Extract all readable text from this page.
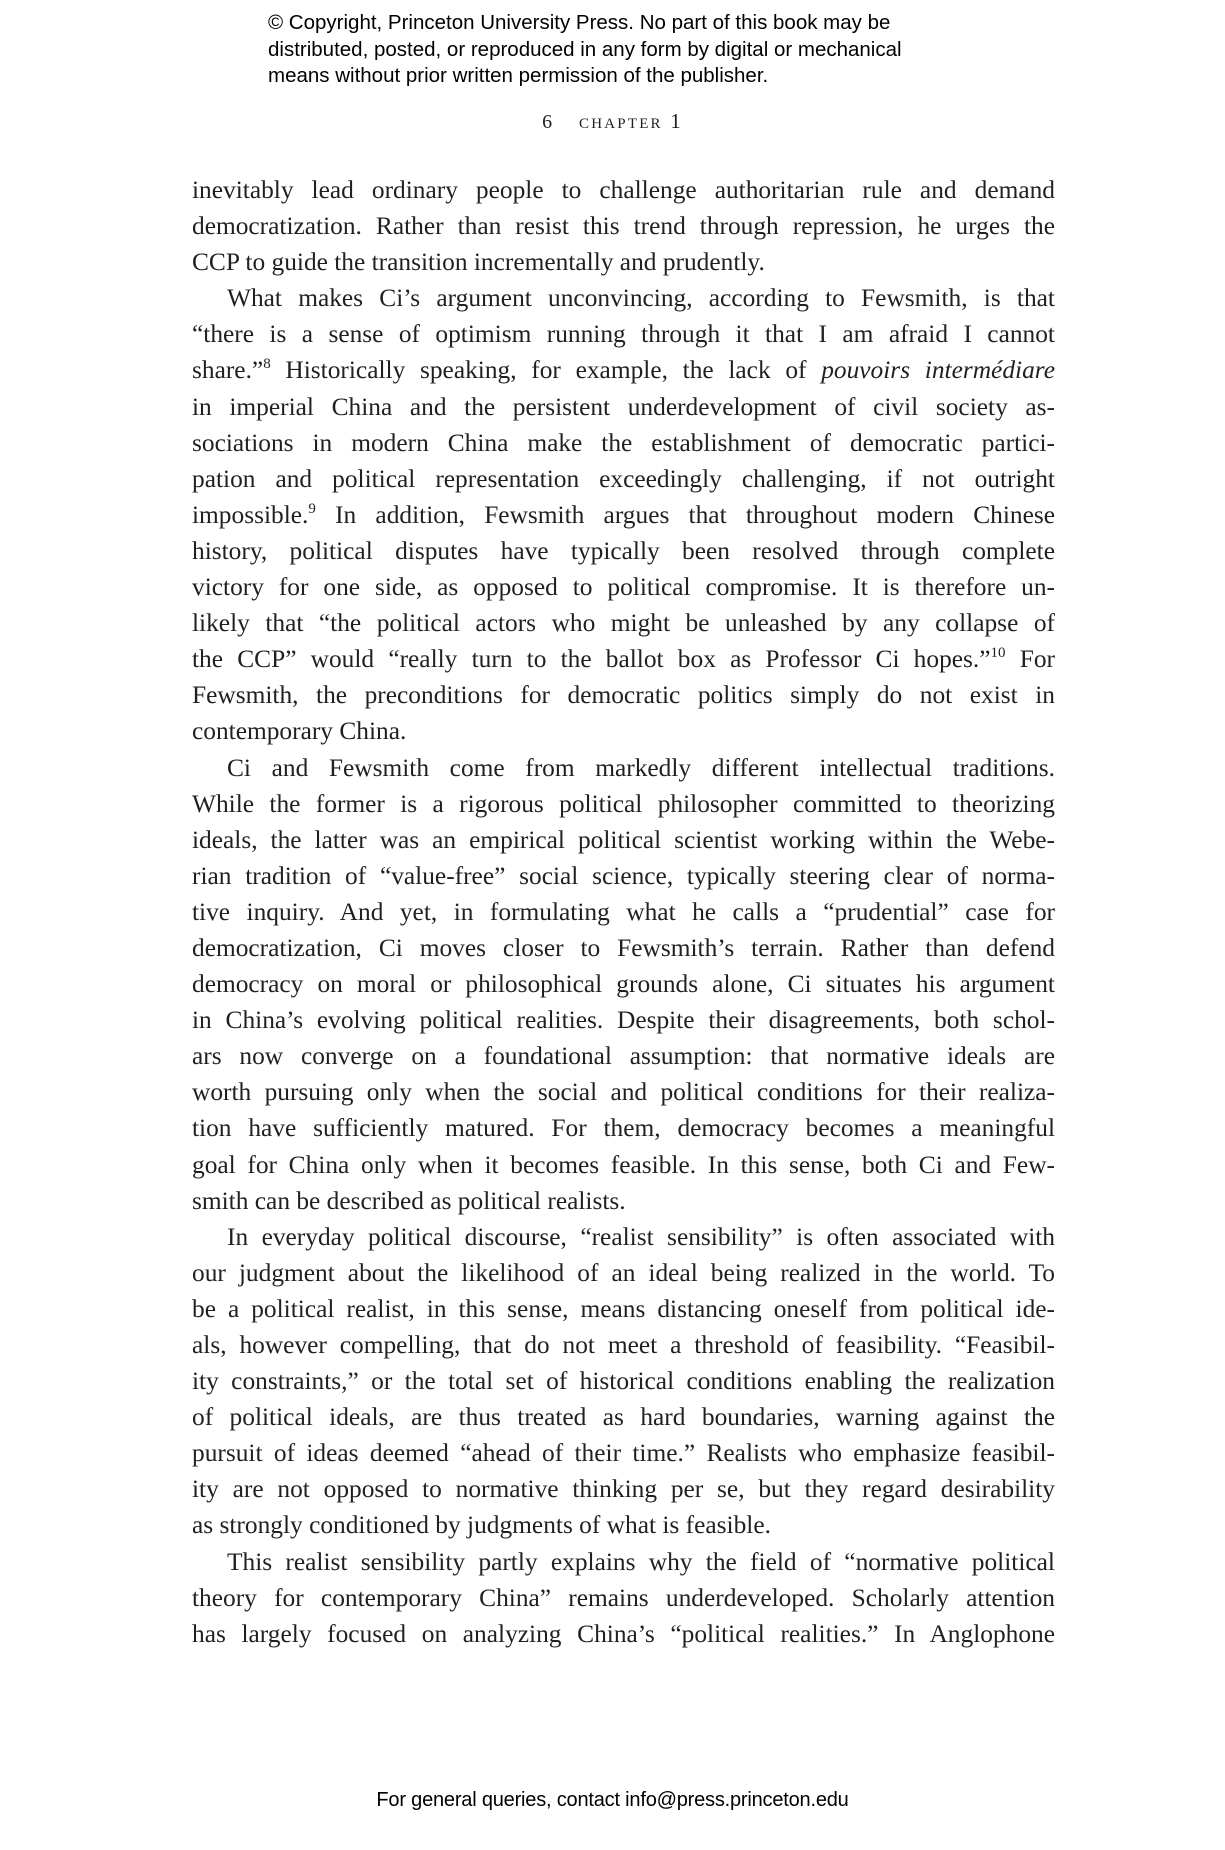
© Copyright, Princeton University Press. No part of this book may be
distributed, posted, or reproduced in any form by digital or mechanical
means without prior written permission of the publisher.
6 chapter 1
inevitably lead ordinary people to challenge authoritarian rule and demand
democratization. Rather than resist this trend through repression, he urges the
CCP to guide the transition incrementally and prudently.
What makes Ci’s argument unconvincing, according to Fewsmith, is that
“there is a sense of optimism running through it that I am afraid I cannot
share.”$^8$ Historically speaking, for example, the lack of pouvoirs intermédiare
in imperial China and the persistent underdevelopment of civil society as-
sociations in modern China make the establishment of democratic partici-
pation and political representation exceedingly challenging, if not outright
impossible.$^9$ In addition, Fewsmith argues that throughout modern Chinese
history, political disputes have typically been resolved through complete
victory for one side, as opposed to political compromise. It is therefore un-
likely that “the political actors who might be unleashed by any collapse of
the CCP” would “really turn to the ballot box as Professor Ci hopes.”$^{10}$ For
Fewsmith, the preconditions for democratic politics simply do not exist in
contemporary China.
Ci and Fewsmith come from markedly different intellectual traditions.
While the former is a rigorous political philosopher committed to theorizing
ideals, the latter was an empirical political scientist working within the Webe-
rian tradition of “value-free” social science, typically steering clear of norma-
tive inquiry. And yet, in formulating what he calls a “prudential” case for
democratization, Ci moves closer to Fewsmith’s terrain. Rather than defend
democracy on moral or philosophical grounds alone, Ci situates his argument
in China’s evolving political realities. Despite their disagreements, both schol-
ars now converge on a foundational assumption: that normative ideals are
worth pursuing only when the social and political conditions for their realiza-
tion have sufficiently matured. For them, democracy becomes a meaningful
goal for China only when it becomes feasible. In this sense, both Ci and Few-
smith can be described as political realists.
In everyday political discourse, “realist sensibility” is often associated with
our judgment about the likelihood of an ideal being realized in the world. To
be a political realist, in this sense, means distancing oneself from political ide-
als, however compelling, that do not meet a threshold of feasibility. “Feasibil-
ity constraints,” or the total set of historical conditions enabling the realization
of political ideals, are thus treated as hard boundaries, warning against the
pursuit of ideas deemed “ahead of their time.” Realists who emphasize feasibil-
ity are not opposed to normative thinking per se, but they regard desirability
as strongly conditioned by judgments of what is feasible.
This realist sensibility partly explains why the field of “normative political
theory for contemporary China” remains underdeveloped. Scholarly attention
has largely focused on analyzing China’s “political realities.” In Anglophone
For general queries, contact info@press.princeton.edu
